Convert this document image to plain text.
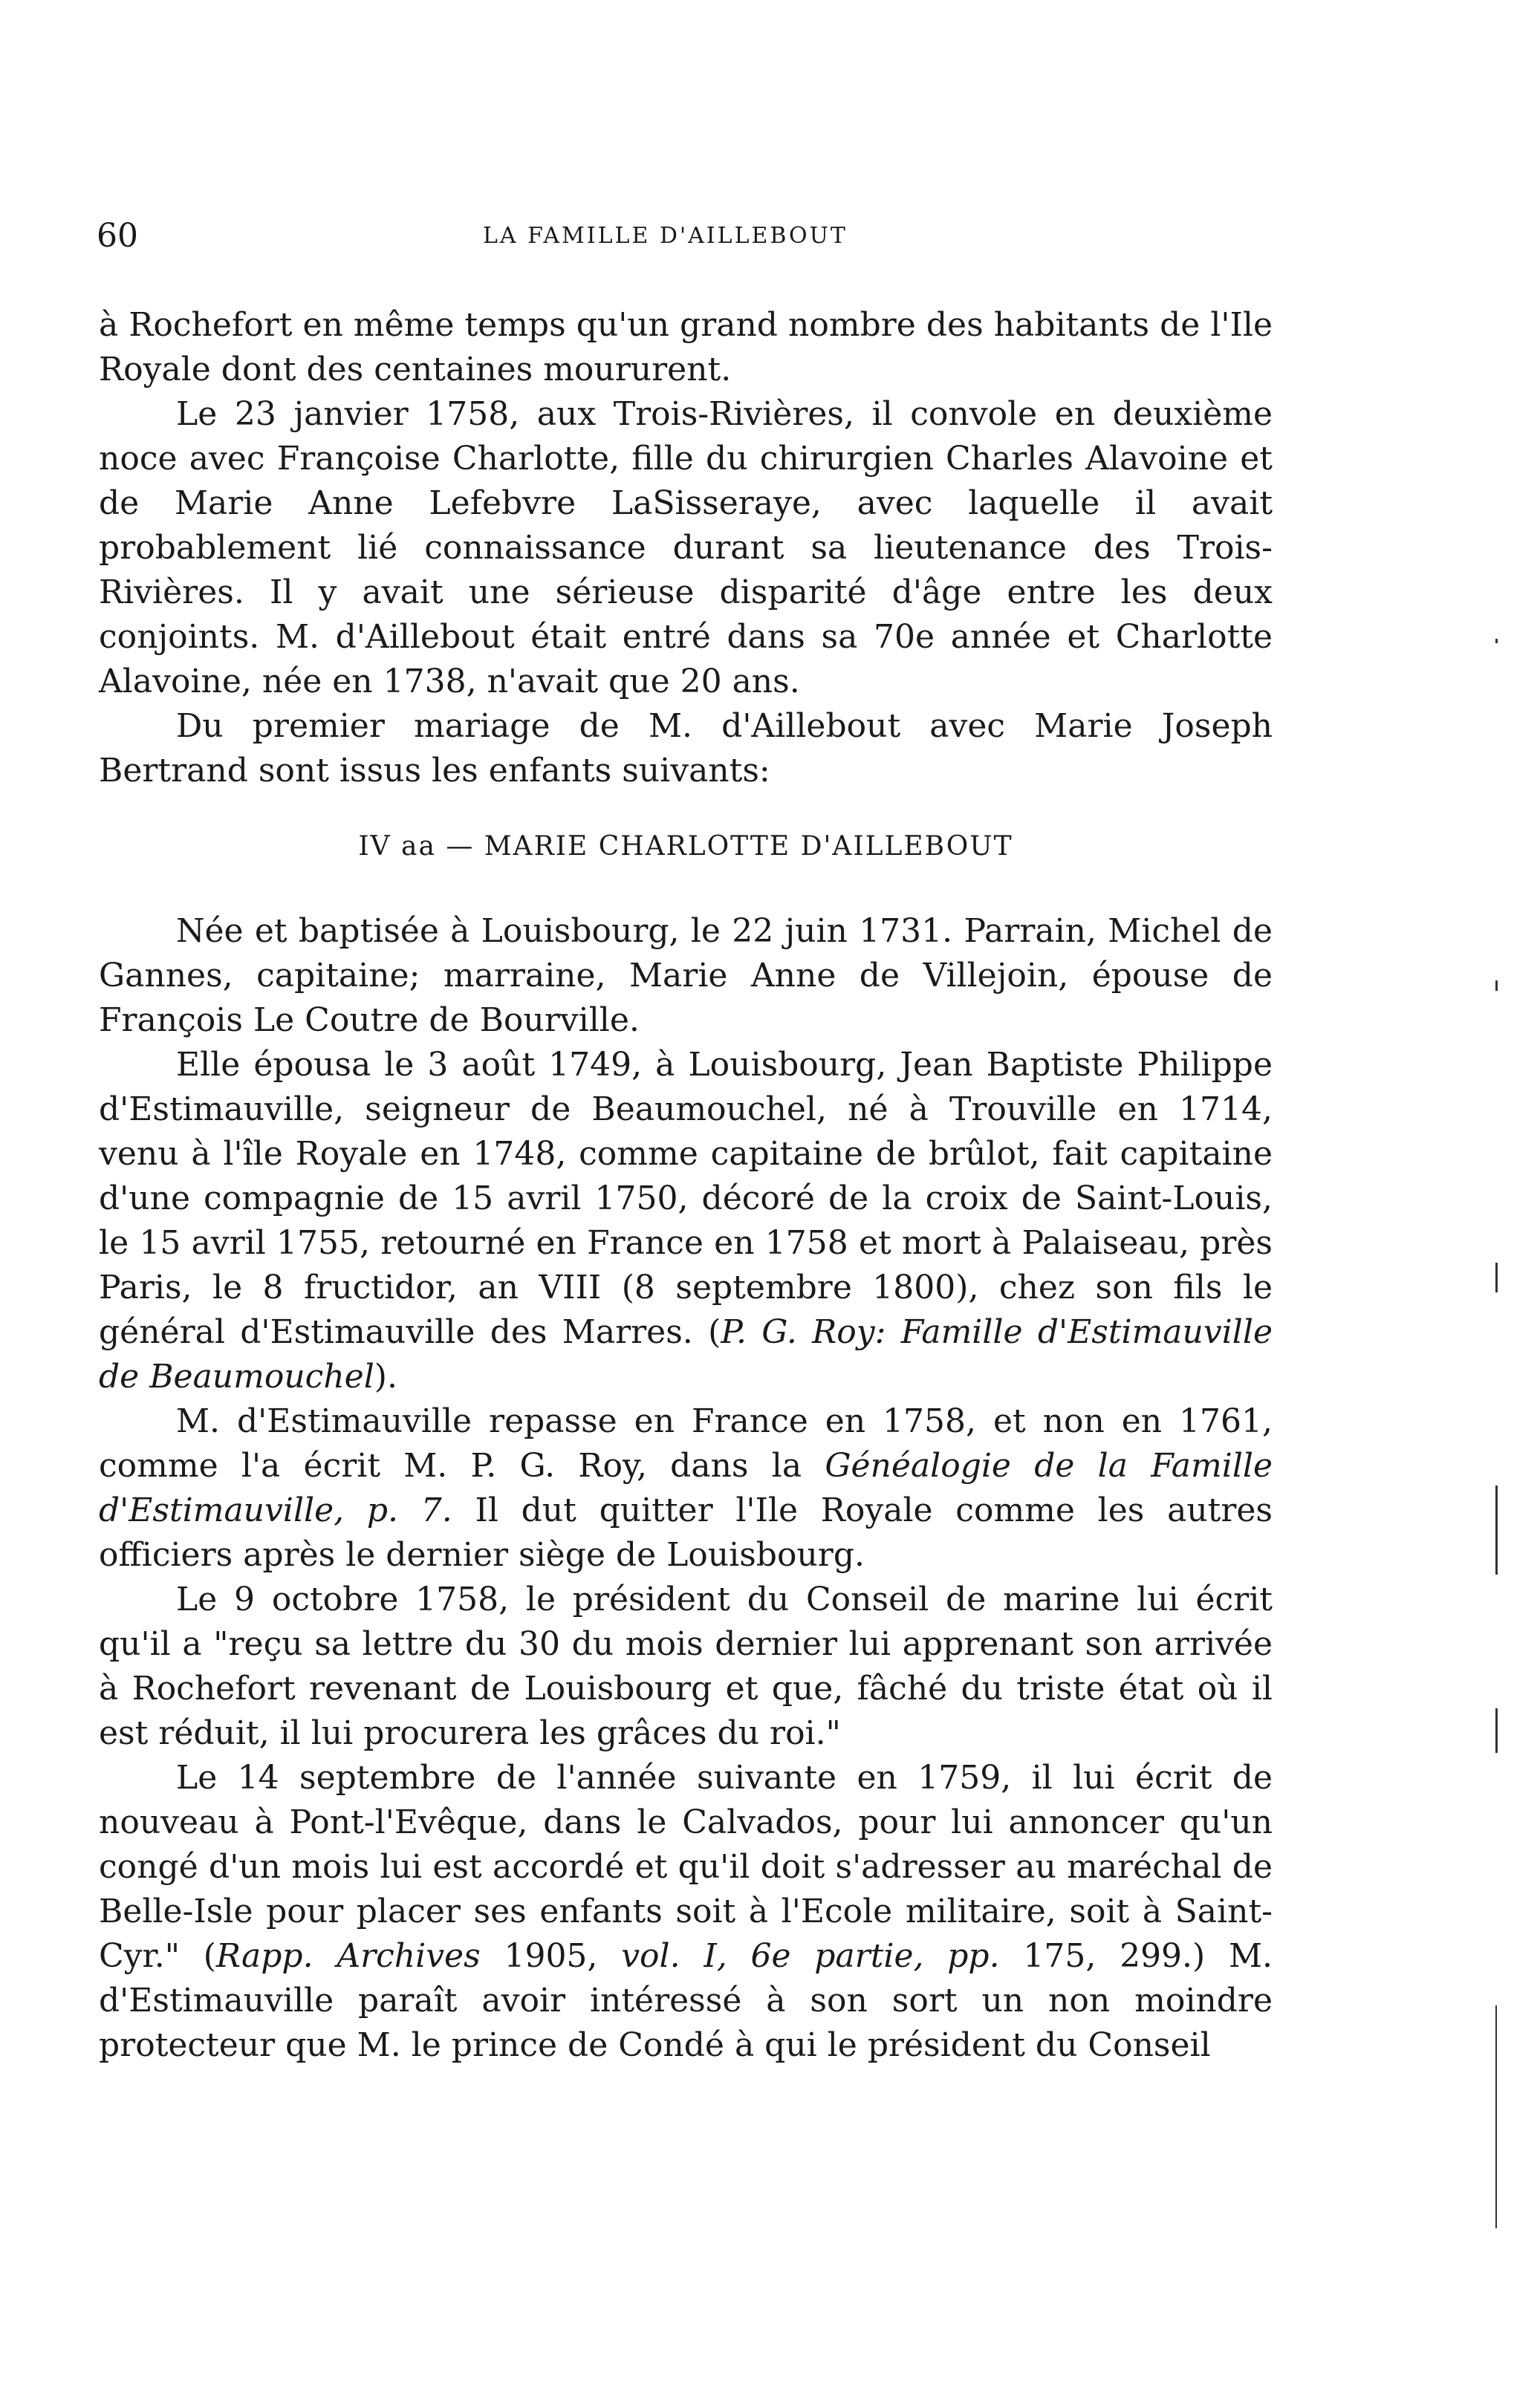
60	LA FAMILLE D'AILLEBOUT

à Rochefort en même temps qu'un grand nombre des habitants de l'Ile Royale dont des centaines moururent.

Le 23 janvier 1758, aux Trois-Rivières, il convole en deuxième noce avec Françoise Charlotte, fille du chirurgien Charles Alavoine et de Marie Anne Lefebvre LaSisseraye, avec laquelle il avait probablement lié connaissance durant sa lieutenance des Trois-Rivières. Il y avait une sérieuse disparité d'âge entre les deux conjoints. M. d'Aillebout était entré dans sa 70e année et Charlotte Alavoine, née en 1738, n'avait que 20 ans.

Du premier mariage de M. d'Aillebout avec Marie Joseph Bertrand sont issus les enfants suivants:

IV aa — MARIE CHARLOTTE D'AILLEBOUT

Née et baptisée à Louisbourg, le 22 juin 1731. Parrain, Michel de Gannes, capitaine; marraine, Marie Anne de Villejoin, épouse de François Le Coutre de Bourville.

Elle épousa le 3 août 1749, à Louisbourg, Jean Baptiste Philippe d'Estimauville, seigneur de Beaumouchel, né à Trouville en 1714, venu à l'île Royale en 1748, comme capitaine de brûlot, fait capitaine d'une compagnie de 15 avril 1750, décoré de la croix de Saint-Louis, le 15 avril 1755, retourné en France en 1758 et mort à Palaiseau, près Paris, le 8 fructidor, an VIII (8 septembre 1800), chez son fils le général d'Estimauville des Marres. (P. G. Roy: Famille d'Estimauville de Beaumouchel).

M. d'Estimauville repasse en France en 1758, et non en 1761, comme l'a écrit M. P. G. Roy, dans la Généalogie de la Famille d'Estimauville, p. 7. Il dut quitter l'Ile Royale comme les autres officiers après le dernier siège de Louisbourg.

Le 9 octobre 1758, le président du Conseil de marine lui écrit qu'il a "reçu sa lettre du 30 du mois dernier lui apprenant son arrivée à Rochefort revenant de Louisbourg et que, fâché du triste état où il est réduit, il lui procurera les grâces du roi."

Le 14 septembre de l'année suivante en 1759, il lui écrit de nouveau à Pont-l'Evêque, dans le Calvados, pour lui annoncer qu'un congé d'un mois lui est accordé et qu'il doit s'adresser au maréchal de Belle-Isle pour placer ses enfants soit à l'Ecole militaire, soit à Saint-Cyr." (Rapp. Archives 1905, vol. I, 6e partie, pp. 175, 299.) M. d'Estimauville paraît avoir intéressé à son sort un non moindre protecteur que M. le prince de Condé à qui le président du Conseil
